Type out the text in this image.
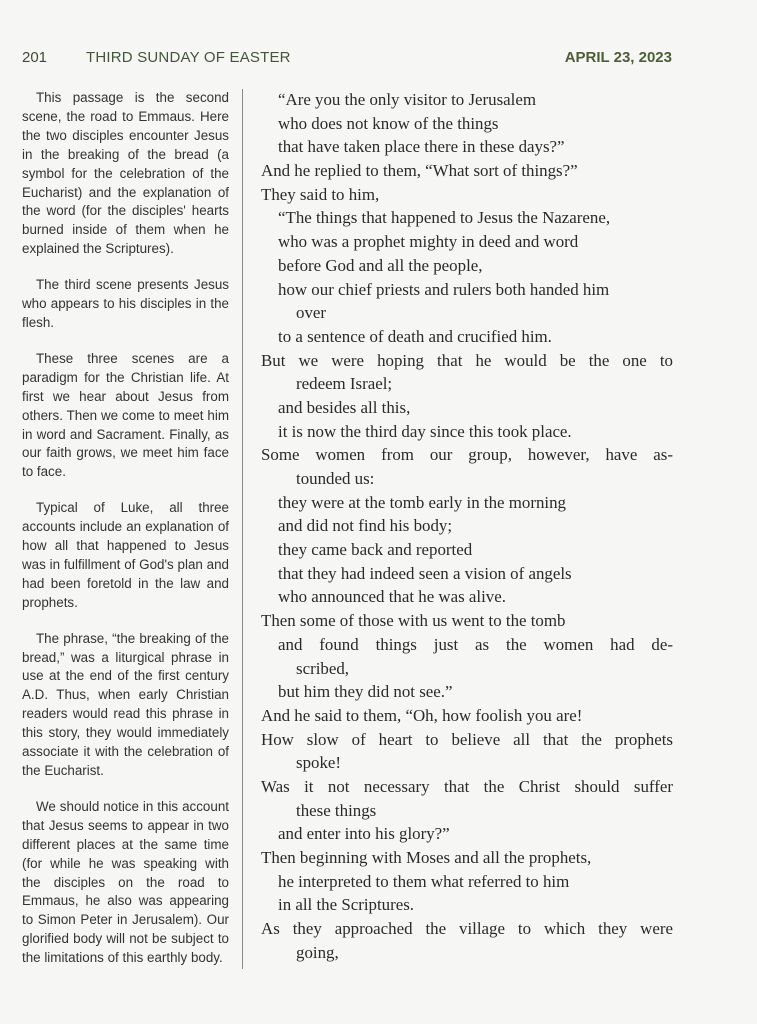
201	THIRD SUNDAY OF EASTER	APRIL 23, 2023

This passage is the second scene, the road to Emmaus. Here the two disciples encounter Jesus in the breaking of the bread (a symbol for the celebration of the Eucharist) and the explanation of the word (for the disciples' hearts burned inside of them when he explained the Scriptures).

The third scene presents Jesus who appears to his disciples in the flesh.

These three scenes are a paradigm for the Christian life. At first we hear about Jesus from others. Then we come to meet him in word and Sacrament. Finally, as our faith grows, we meet him face to face.

Typical of Luke, all three accounts include an explanation of how all that happened to Jesus was in fulfillment of God's plan and had been foretold in the law and prophets.

The phrase, “the breaking of the bread,” was a liturgical phrase in use at the end of the first century A.D. Thus, when early Christian readers would read this phrase in this story, they would immediately associate it with the celebration of the Eucharist.

We should notice in this account that Jesus seems to appear in two different places at the same time (for while he was speaking with the disciples on the road to Emmaus, he also was appearing to Simon Peter in Jerusalem). Our glorified body will not be subject to the limitations of this earthly body.

“Are you the only visitor to Jerusalem
who does not know of the things
that have taken place there in these days?”
And he replied to them, “What sort of things?”
They said to him,
“The things that happened to Jesus the Nazarene,
who was a prophet mighty in deed and word
before God and all the people,
how our chief priests and rulers both handed him
over
to a sentence of death and crucified him.
But we were hoping that he would be the one to
redeem Israel;
and besides all this,
it is now the third day since this took place.
Some women from our group, however, have as-
tounded us:
they were at the tomb early in the morning
and did not find his body;
they came back and reported
that they had indeed seen a vision of angels
who announced that he was alive.
Then some of those with us went to the tomb
and found things just as the women had de-
scribed,
but him they did not see.”
And he said to them, “Oh, how foolish you are!
How slow of heart to believe all that the prophets
spoke!
Was it not necessary that the Christ should suffer
these things
and enter into his glory?”
Then beginning with Moses and all the prophets,
he interpreted to them what referred to him
in all the Scriptures.
As they approached the village to which they were
going,
